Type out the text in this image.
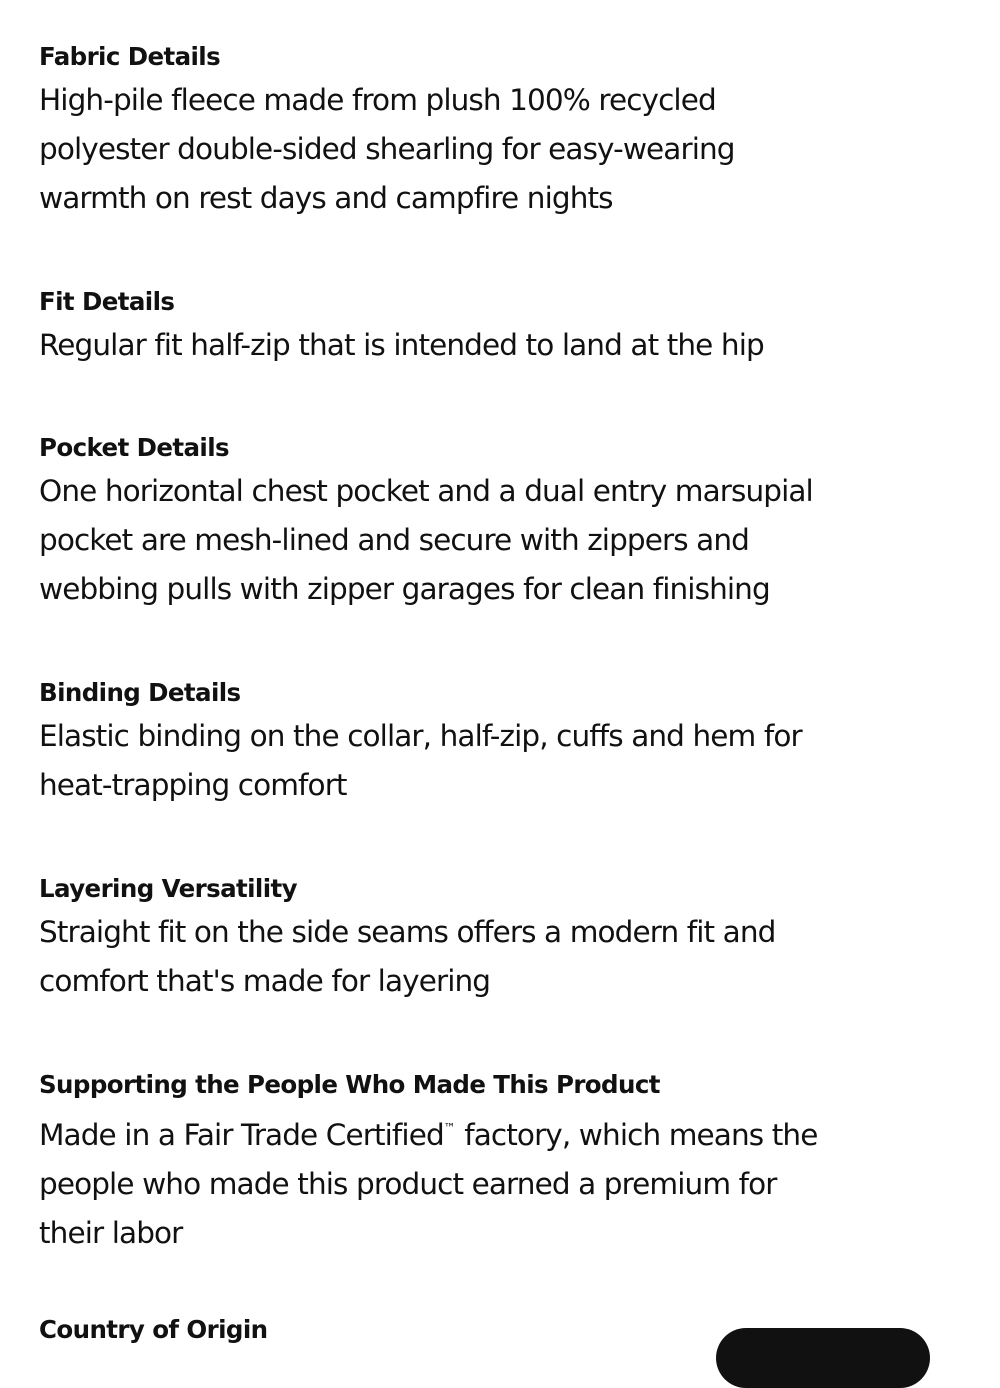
Fabric Details
High-pile fleece made from plush 100% recycled
polyester double-sided shearling for easy-wearing
warmth on rest days and campfire nights
Fit Details
Regular fit half-zip that is intended to land at the hip
Pocket Details
One horizontal chest pocket and a dual entry marsupial
pocket are mesh-lined and secure with zippers and
webbing pulls with zipper garages for clean finishing
Binding Details
Elastic binding on the collar, half-zip, cuffs and hem for
heat-trapping comfort
Layering Versatility
Straight fit on the side seams offers a modern fit and
comfort that's made for layering
Supporting the People Who Made This Product
Made in a Fair Trade Certified™ factory, which means the
people who made this product earned a premium for
their labor
Country of Origin
